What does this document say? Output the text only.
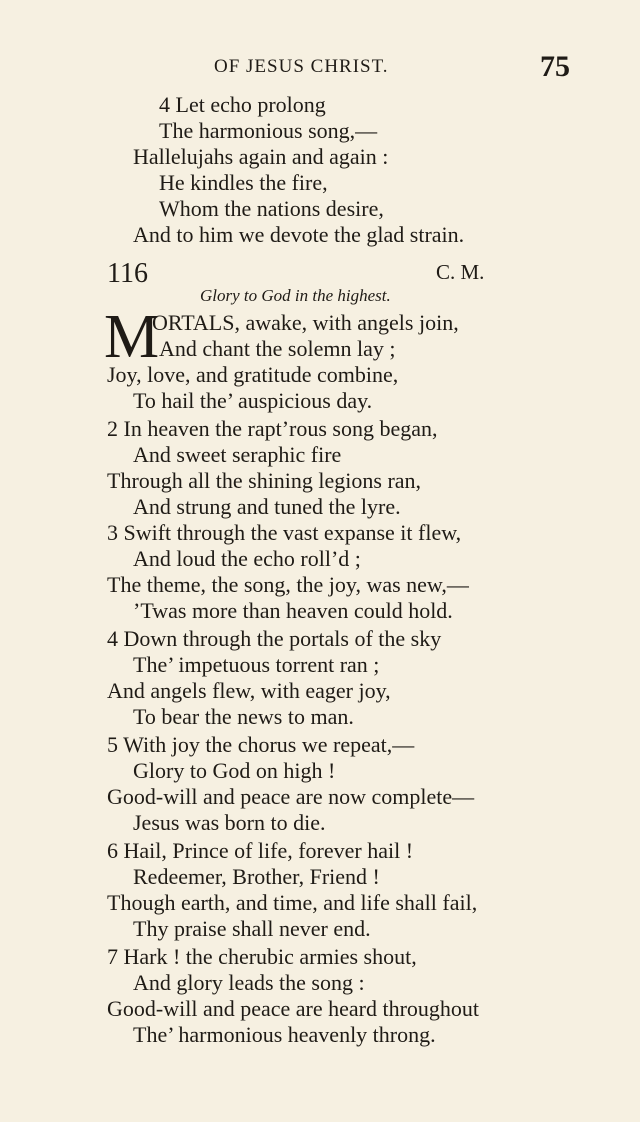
OF JESUS CHRIST.	75
4 Let echo prolong
The harmonious song,—
Hallelujahs again and again :
He kindles the fire,
Whom the nations desire,
And to him we devote the glad strain.
116	C. M.
Glory to God in the highest.
M
ORTALS, awake, with angels join,
And chant the solemn lay ;
Joy, love, and gratitude combine,
To hail the’ auspicious day.
2 In heaven the rapt’rous song began,
And sweet seraphic fire
Through all the shining legions ran,
And strung and tuned the lyre.
3 Swift through the vast expanse it flew,
And loud the echo roll’d ;
The theme, the song, the joy, was new,—
’Twas more than heaven could hold.
4 Down through the portals of the sky
The’ impetuous torrent ran ;
And angels flew, with eager joy,
To bear the news to man.
5 With joy the chorus we repeat,—
Glory to God on high !
Good-will and peace are now complete—
Jesus was born to die.
6 Hail, Prince of life, forever hail !
Redeemer, Brother, Friend !
Though earth, and time, and life shall fail,
Thy praise shall never end.
7 Hark ! the cherubic armies shout,
And glory leads the song :
Good-will and peace are heard throughout
The’ harmonious heavenly throng.
